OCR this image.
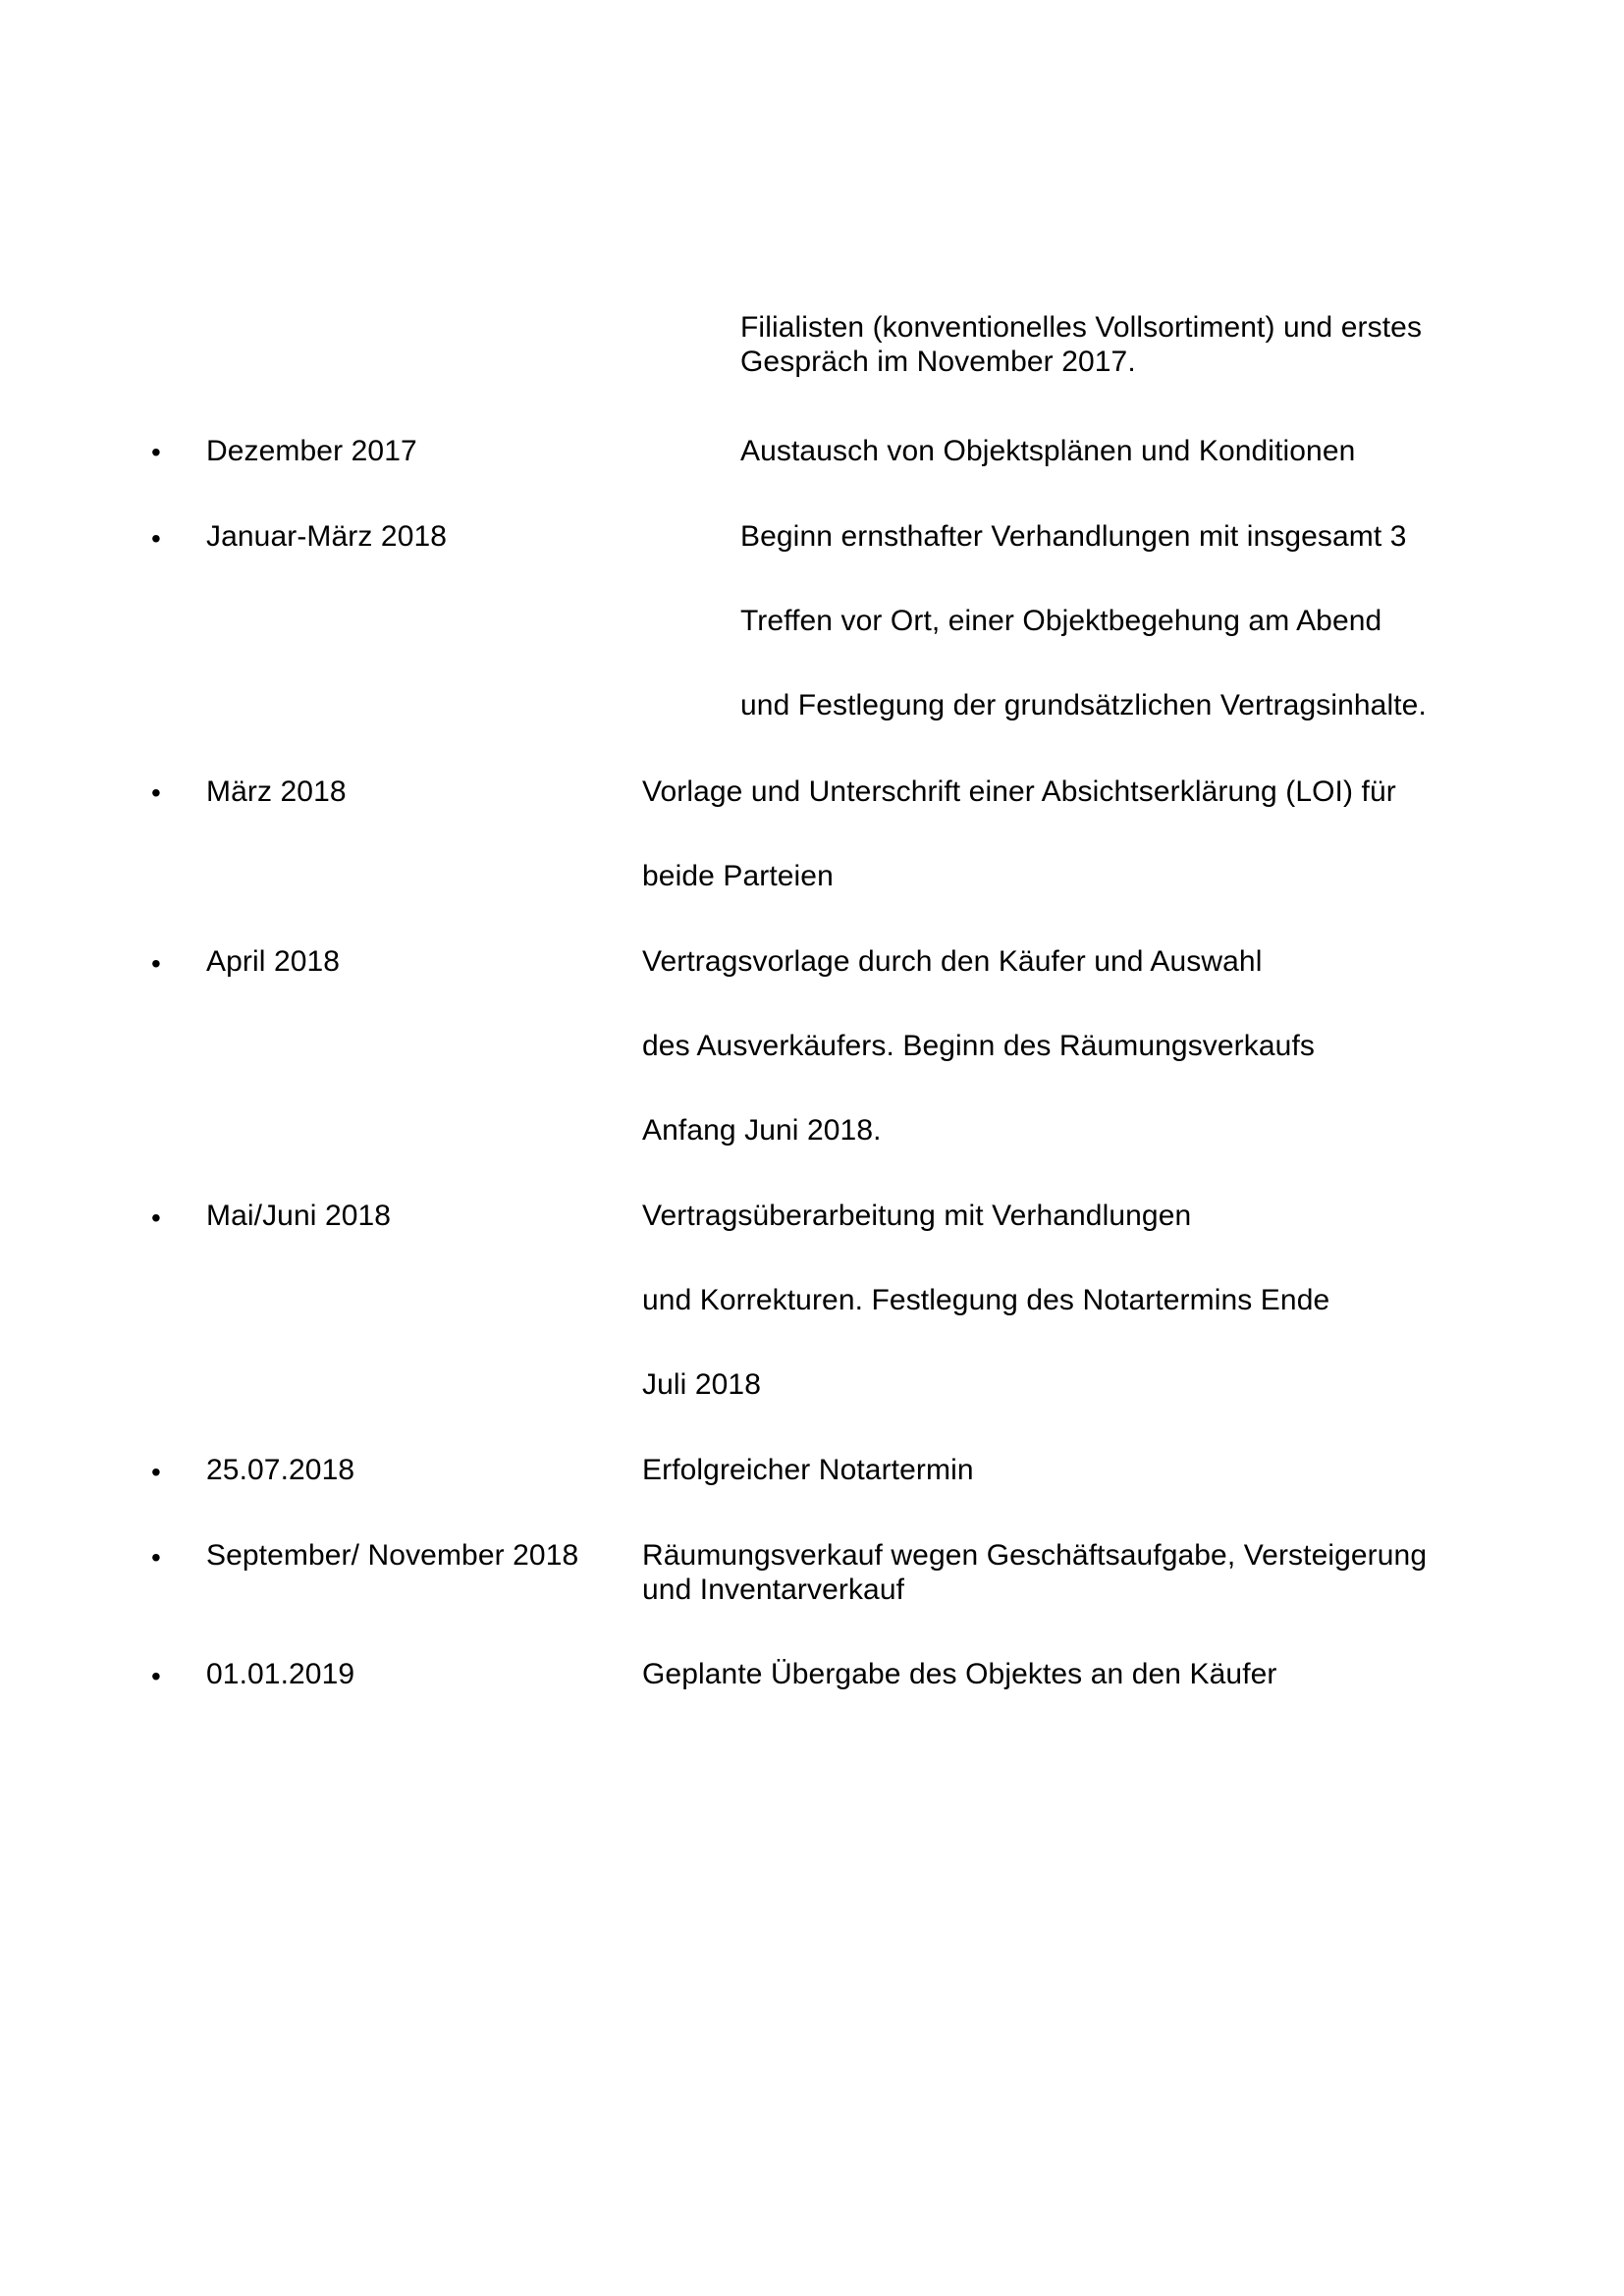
Filialisten (konventionelles Vollsortiment) und erstes
Gespräch im November 2017.
• Dezember 2017	Austausch von Objektsplänen und Konditionen
• Januar-März 2018	Beginn ernsthafter Verhandlungen mit insgesamt 3
Treffen vor Ort, einer Objektbegehung am Abend
und Festlegung der grundsätzlichen Vertragsinhalte.
• März 2018	Vorlage und Unterschrift einer Absichtserklärung (LOI) für
beide Parteien
• April 2018	Vertragsvorlage durch den Käufer und Auswahl
des Ausverkäufers. Beginn des Räumungsverkaufs
Anfang Juni 2018.
• Mai/Juni 2018	Vertragsüberarbeitung mit Verhandlungen
und Korrekturen. Festlegung des Notartermins Ende
Juli 2018
• 25.07.2018	Erfolgreicher Notartermin
• September/ November 2018 Räumungsverkauf wegen Geschäftsaufgabe, Versteigerung
und Inventarverkauf
• 01.01.2019	Geplante Übergabe des Objektes an den Käufer
